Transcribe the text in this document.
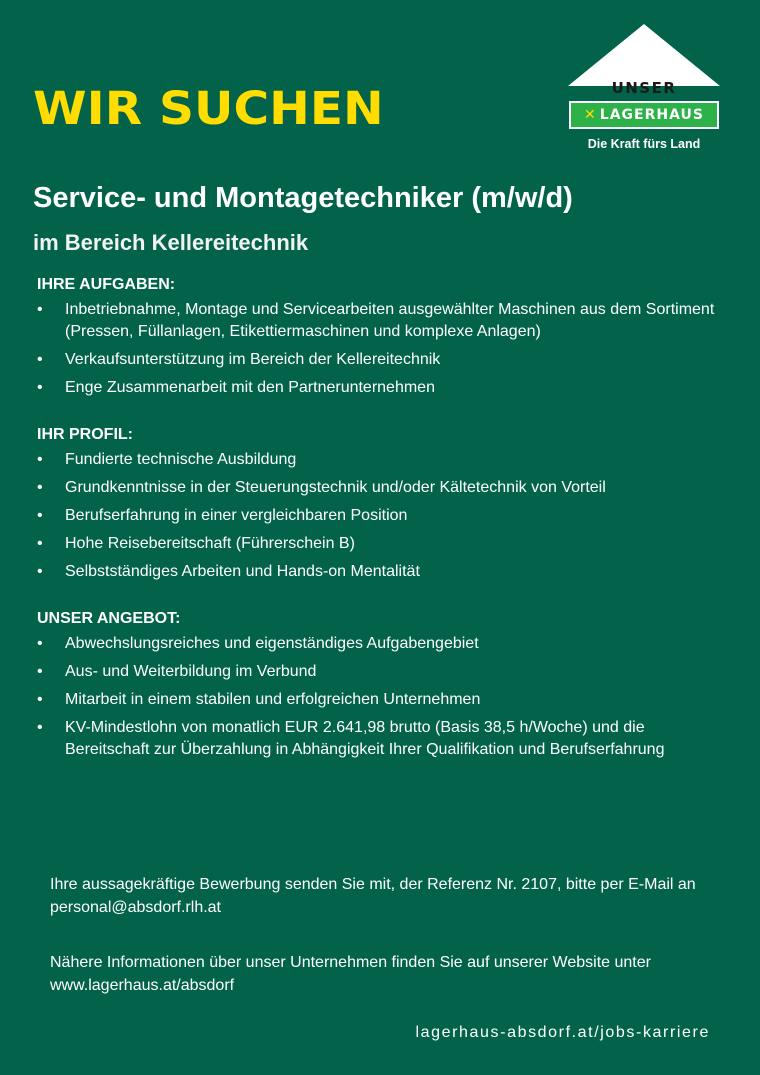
WIR SUCHEN	UNSER
✕ LAGERHAUS
Die Kraft fürs Land
Service- und Montagetechniker (m/w/d)
im Bereich Kellereitechnik
IHRE AUFGABEN:
• Inbetriebnahme, Montage und Servicearbeiten ausgewählter Maschinen aus dem Sortiment (Pressen, Füllanlagen, Etikettiermaschinen und komplexe Anlagen)
• Verkaufsunterstützung im Bereich der Kellereitechnik
• Enge Zusammenarbeit mit den Partnerunternehmen
IHR PROFIL:
• Fundierte technische Ausbildung
• Grundkenntnisse in der Steuerungstechnik und/oder Kältetechnik von Vorteil
• Berufserfahrung in einer vergleichbaren Position
• Hohe Reisebereitschaft (Führerschein B)
• Selbstständiges Arbeiten und Hands-on Mentalität
UNSER ANGEBOT:
• Abwechslungsreiches und eigenständiges Aufgabengebiet
• Aus- und Weiterbildung im Verbund
• Mitarbeit in einem stabilen und erfolgreichen Unternehmen
• KV-Mindestlohn von monatlich EUR 2.641,98 brutto (Basis 38,5 h/Woche) und die Bereitschaft zur Überzahlung in Abhängigkeit Ihrer Qualifikation und Berufserfahrung

Ihre aussagekräftige Bewerbung senden Sie mit, der Referenz Nr. 2107, bitte per E-Mail an personal@absdorf.rlh.at

Nähere Informationen über unser Unternehmen finden Sie auf unserer Website unter www.lagerhaus.at/absdorf

lagerhaus-absdorf.at/jobs-karriere
